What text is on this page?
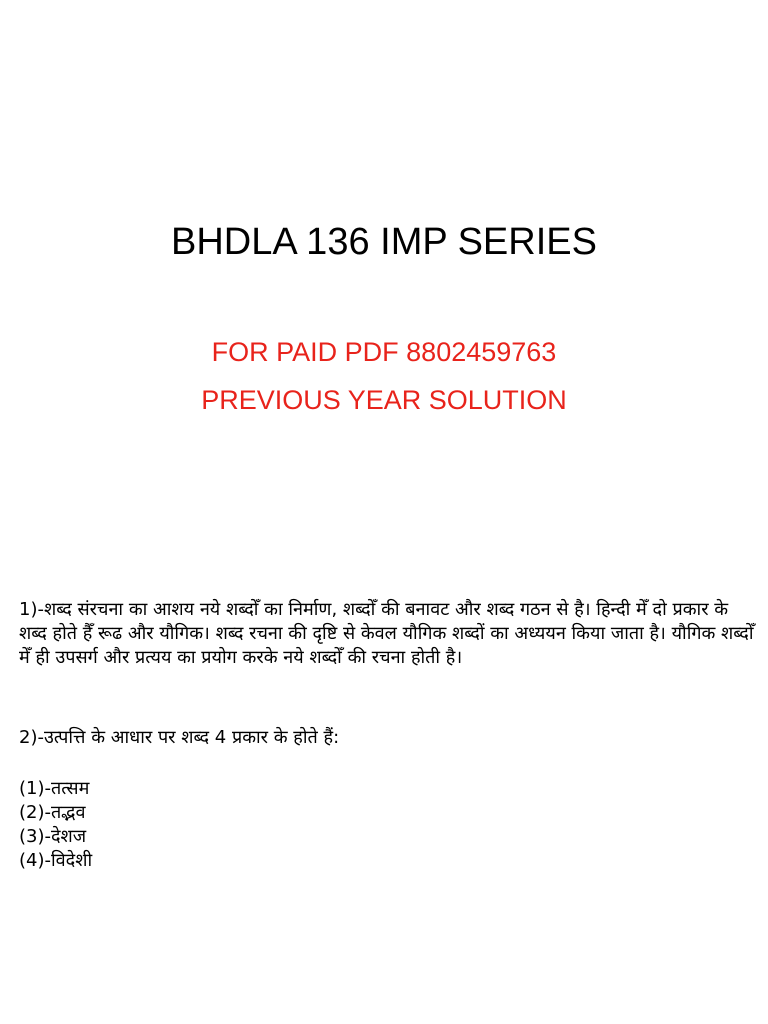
BHDLA 136 IMP SERIES

FOR PAID PDF 8802459763

PREVIOUS YEAR SOLUTION

1)-शब्द संरचना का आशय नये शब्दोँ का निर्माण, शब्दोँ की बनावट और शब्द गठन से है। हिन्दी मेँ दो प्रकार के शब्द होते हैँ रूढ और यौगिक। शब्द रचना की दृष्टि से केवल यौगिक शब्दों का अध्ययन किया जाता है। यौगिक शब्दोँ मेँ ही उपसर्ग और प्रत्यय का प्रयोग करके नये शब्दोँ की रचना होती है।

2)-उत्पत्ति के आधार पर शब्द 4 प्रकार के होते हैं:

(1)-तत्सम
(2)-तद्भव
(3)-देशज
(4)-विदेशी
